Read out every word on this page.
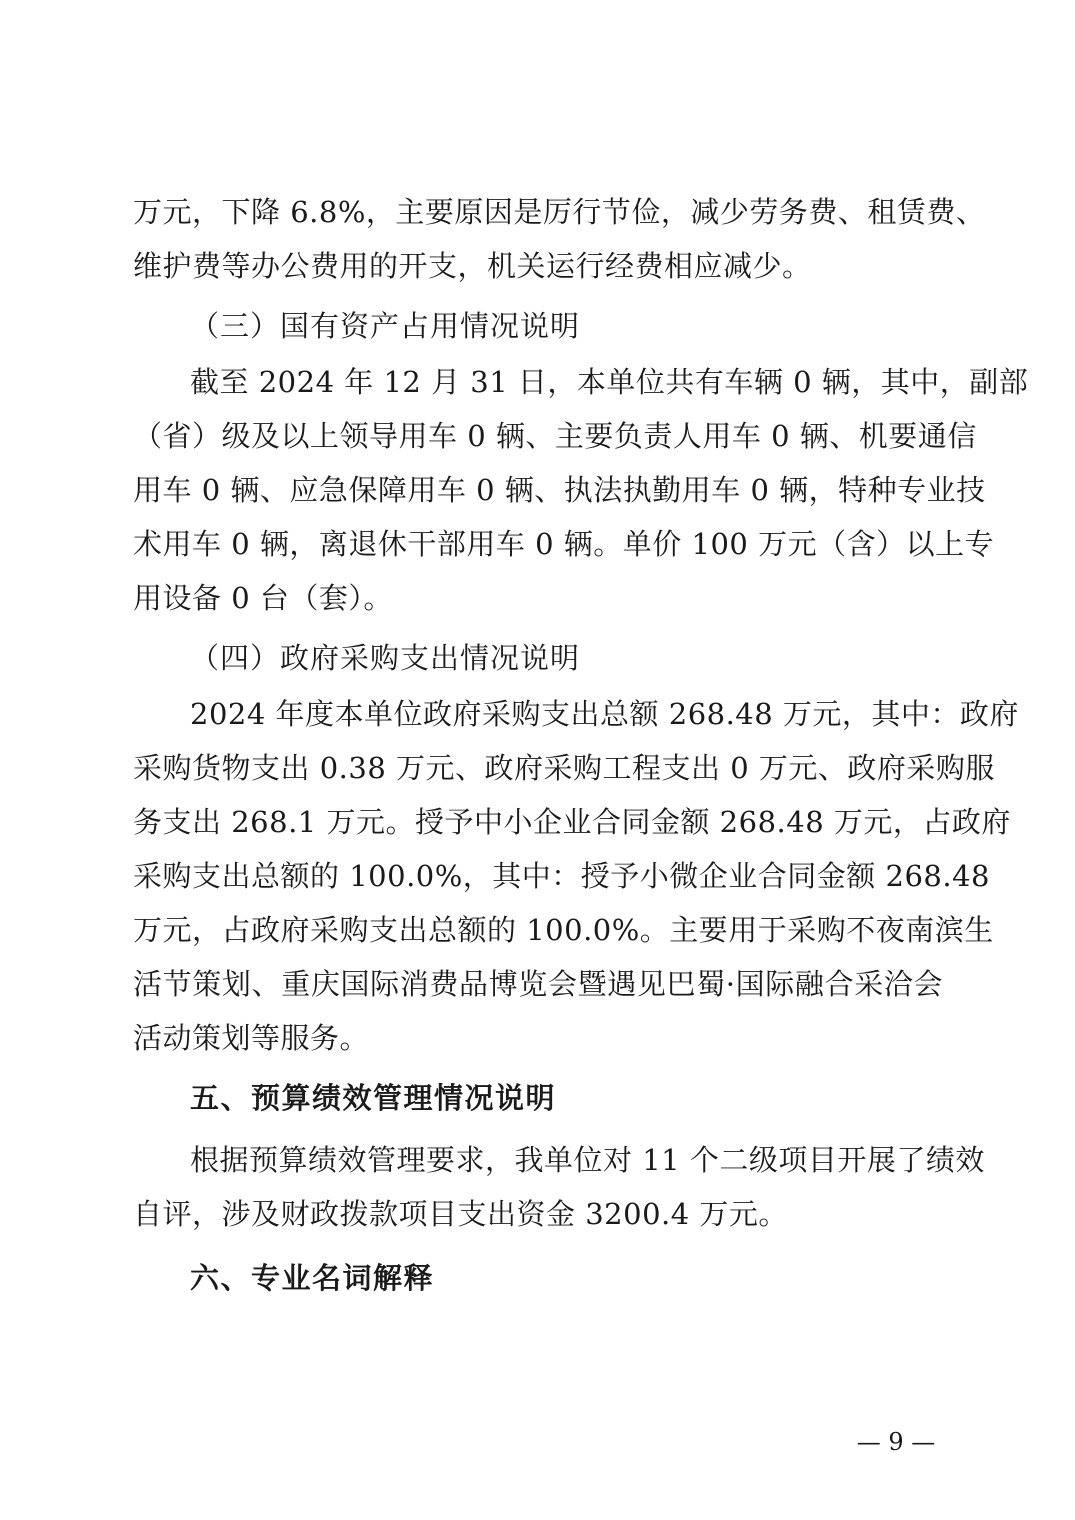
万元，下降 6.8%，主要原因是厉行节俭，减少劳务费、租赁费、
维护费等办公费用的开支，机关运行经费相应减少。
（三）国有资产占用情况说明
截至 2024 年 12 月 31 日，本单位共有车辆 0 辆，其中，副部
（省）级及以上领导用车 0 辆、主要负责人用车 0 辆、机要通信
用车 0 辆、应急保障用车 0 辆、执法执勤用车 0 辆，特种专业技
术用车 0 辆，离退休干部用车 0 辆。单价 100 万元（含）以上专
用设备 0 台（套）。
（四）政府采购支出情况说明
2024 年度本单位政府采购支出总额 268.48 万元，其中：政府
采购货物支出 0.38 万元、政府采购工程支出 0 万元、政府采购服
务支出 268.1 万元。授予中小企业合同金额 268.48 万元，占政府
采购支出总额的 100.0%，其中：授予小微企业合同金额 268.48
万元，占政府采购支出总额的 100.0%。主要用于采购不夜南滨生
活节策划、重庆国际消费品博览会暨遇见巴蜀·国际融合采洽会
活动策划等服务。
五、预算绩效管理情况说明
根据预算绩效管理要求，我单位对 11 个二级项目开展了绩效
自评，涉及财政拨款项目支出资金 3200.4 万元。
六、专业名词解释
— 9 —
